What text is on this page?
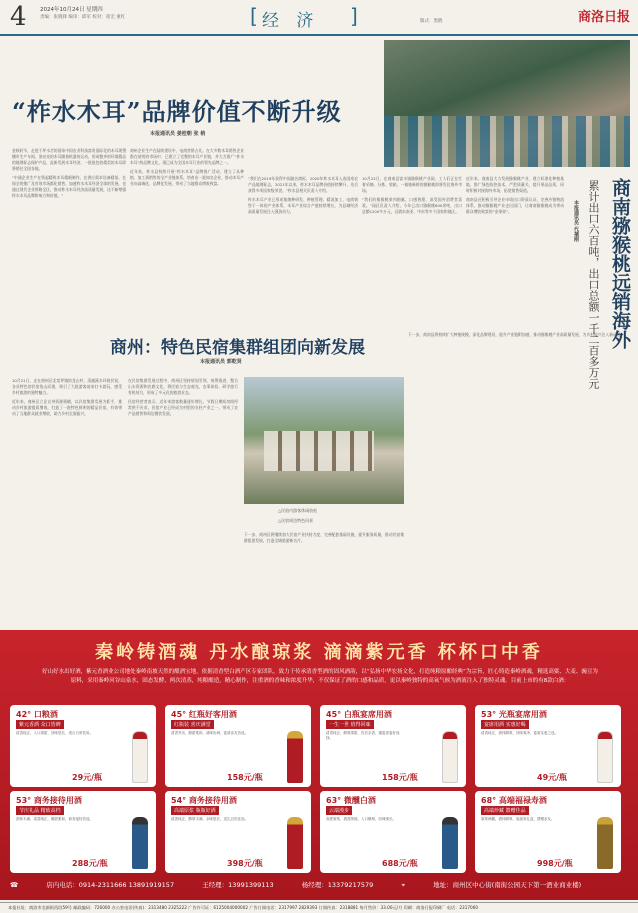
4 2024年10月24日 星期四
责编：张晓锋 编审：邱军 校对：崔宏 重红	[ 经 济 ]	版式：黑鹤	商洛日报
“柞水木耳”品牌价值不断升级
本报通讯员 姜桂朝 张 梢

金秋时节，走进于坪水岔的国家中国农业科技富贵国际化的木耳现塑棚市生产车间，黑亮亮的木耳随着机器的运动，形成整齐的环境精品的地理标志保护产品，此新发展木耳经济，一批批包装精美的木耳即将销往全国各地。

“中通企业生产在领起精致木耳精细制作，在供应需求设备精基，在保全的推广及有效市场都化销售，加速柞水木耳经济全球的发展，也通过现代企业带路全区，推动柞水木耳经济高质量发展，这不断增强柞水木耳品牌影响力和价值。”

商州企业生产在陆续建设中，电商营销占比。在大多数木耳销售企业都在使用的市场中，已建立了完整的木耳产业链，并大力推广“柞水木耳”的品牌文化，现已成为全国木耳行业的领先品牌之一。

近年来，柞水县持续开展“柞水木耳”品牌推广活动，建立了从种植、加工到销售的全产业链体系，培育出一批知名企业，推动木耳产业向高端化、品牌化发展，带动了当地群众增收致富。

“我们在2019年获得中国驰名商标，2020年柞水木耳入选国家农产品地理标志，2021年以来，柞水木耳品牌价值持续攀升，先后获得多项国家级荣誉。”柞水县相关负责人介绍。

柞水木耳产业已形成集菌种研发、种植管理、精深加工、电商销售于一体的产业体系，木耳产业综合产值持续增长，为县域经济高质量发展注入强劲动力。

10月22日，在商南县富水镇猕猴桃产业园，工人们正在忙着采摘、分拣、装箱，一箱箱新鲜的猕猴桃即将发往海外市场。

“我们的猕猴桃果肉细腻、口感香甜，深受国外消费者喜爱。”园区负责人介绍，今年已出口猕猴桃600余吨，出口总额1200多万元，远销东南亚、中东等多个国家和地区。

近年来，商南县大力发展猕猴桃产业，建立标准化种植基地，推广绿色防控技术，严把质量关，提升果品品质，同时积极对接海外市场，拓宽销售渠道。

商南县还积极引导企业申请出口资质认证，完善冷链物流体系，推动猕猴桃产业走出国门，让商南猕猴桃成为带动群众增收致富的“金果果”。	商南猕猴桃远销海外
累计出口六百吨，出口总额一千二百多万元
本报通讯员 代禧刚

下一步，商南县将持续扩大种植规模，深化品牌建设，提升产业链附加值，推动猕猴桃产业高质量发展，为乡村振兴注入新动能。

商州：特色民宿集群组团向新发展
本报通讯员 郭乾贤

10月21日，走在商州区北宽坪镇的龙山村，清澈溪水环绕民宿，各具特色的民宿依山而建，吸引了大批游客前来打卡游玩，感受乡村旅游的独特魅力。

近年来，商州区立足自身资源禀赋，以民宿集群发展为抓手，推动乡村旅游提质增效，打造了一批特色鲜明的精品民宿，有效带动了当地群众就业增收，助力乡村全面振兴。

在民宿集群发展过程中，商州区坚持规划引领、统筹推进，整合山水资源和农耕文化，将民宿与生态观光、农事体验、研学旅行有机结合，形成了多元化的旅游业态。

民宿经营者表示，近年来游客数量逐年增长，节假日期间房间经常供不应求，民宿产业已经成为村里的支柱产业之一，带动了农产品销售和周边餐饮发展。

△民宿内游客休闲放松
△民宿周边特色风景

下一步，商州区将继续加大民宿产业扶持力度，完善配套基础设施，提升服务质量，推动民宿集群组团发展，打造全域旅游新名片。

秦岭铸酒魂 丹水酿琼浆 滴滴紫元香 杯杯口中香
好山好水出好酒，紫元香酒业公司地处秦岭南坡天然的酿酒宝地，依据清香型白酒产区专家团队，致力于传承清香型酒的固风酒韵，以“弘扬中华宏扬文化，打造纯粮原酿经典”为宗旨，匠心铸造秦岭酒魂，精选高粱、大麦、豌豆为原料，采用秦岭河谷山泉水，固态发酵，两次清蒸，纯粮酿造，精心制作，注重酒的香味和浓度升华，不仅保证了酒的口感和品质，更以秦岭独特的高氧气候为酒液注入了独特灵魂。目前上市的有8款白酒：
42° 口粮酒
紫元香酒 众口皆碑
清香纯正，入口绵甜，回味悠长，适合日常饮用。
29元/瓶
45° 红瓶好客用酒
红瓶装 喜庆满堂
清香突出，醇甜柔和，诸味协调，宴请亲友首选。
158元/瓶
45° 白瓶宴席用酒
一生一世 值得回味
清香纯正，醇厚绵甜，饮后余香，婚宴喜宴好选择。
158元/瓶
53° 光瓶宴席用酒
宴席用酒 实惠好喝
清香纯正，酒体醇厚，回味爽净，宴席实惠之选。
49元/瓶
53° 商务接待用酒
节庆礼品 精致高档
酒体丰满，清香纯正，醇甜柔和，商务接待首选。
288元/瓶
54° 商务接待用酒
高端原浆 瓶瓶好酒
清香纯正，醇厚丰满，余味悠长，送礼自饮佳品。
398元/瓶
63° 微醺白酒
云端漫步
高度原浆，酒香浓郁，入口醇厚，回味绵长。
688元/瓶
68° 高端福禄寿酒
高端珍藏 馈赠佳品
原浆珍藏，酒体醇厚，福禄寿礼盒，馈赠亲友。
998元/瓶
☎	店内电话：0914-2311666 13891919157	王经理：13991399113	杨经理：13379217579	⌖	地址：商州区中心街(南街公园天下第一酒业商业楼)
本报社址：商洛市北新街西段59号 邮政编码：726000 办公室电话(传真)：2313480 2325222 广告许可证：6125004000002 广告订阅电话：2317997 2829393 订阅传真：2318881 每月售价：33.00元/月 印刷：商洛日报印刷厂 电话：2317060
